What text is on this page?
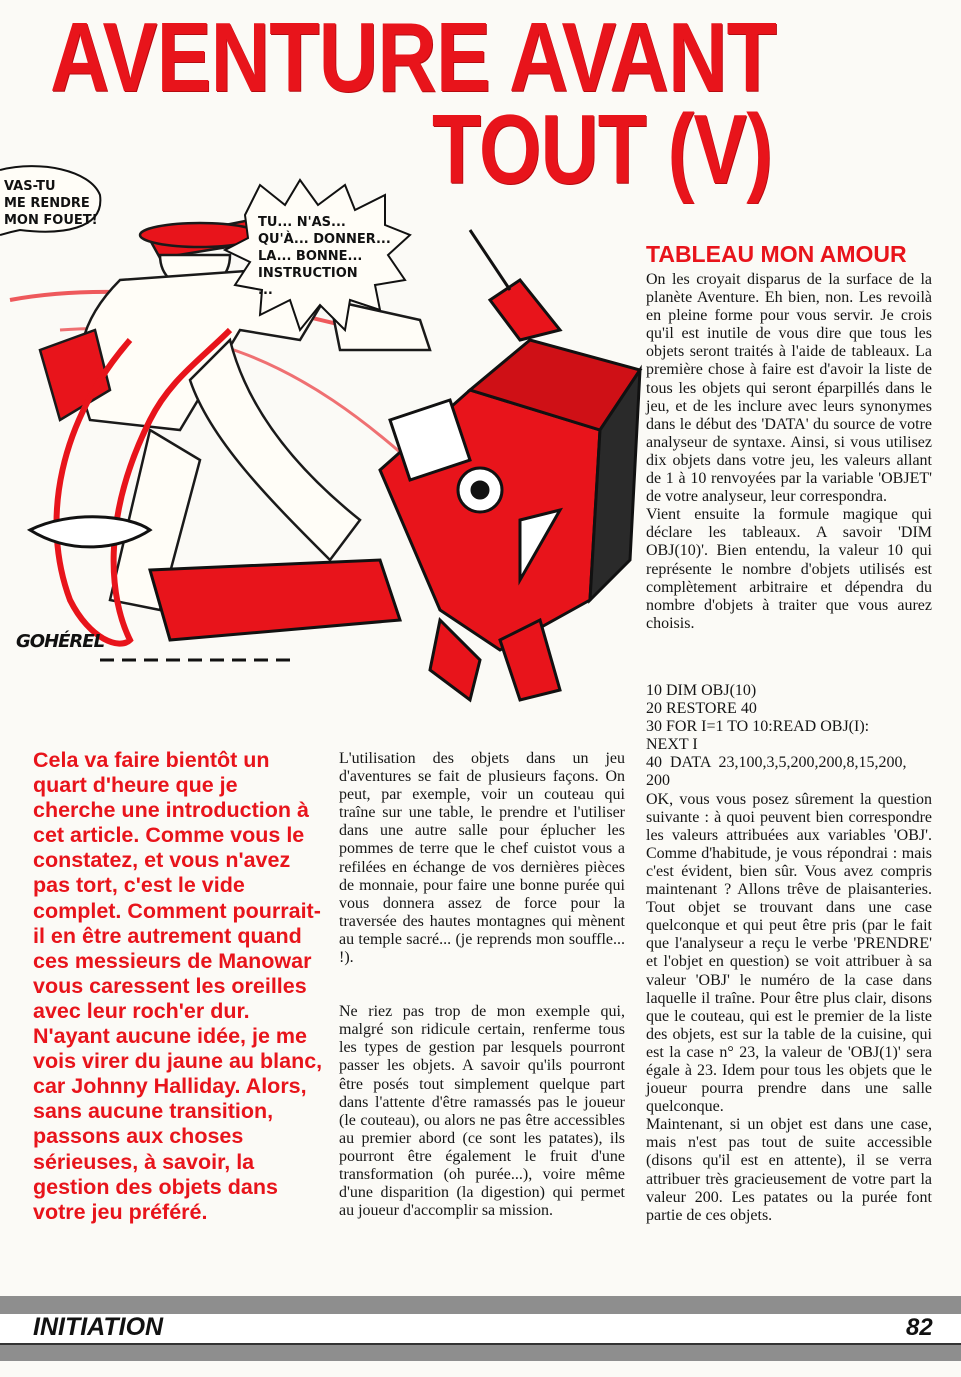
AVENTURE AVANT
TOUT (V)
VAS-TU
ME RENDRE
MON FOUET!	TU... N'AS...
QU'À... DONNER...
LA... BONNE...
INSTRUCTION
...
GOHÉREL
TABLEAU MON AMOUR

On les croyait disparus de la surface de la planète Aventure. Eh bien, non. Les revoilà en pleine forme pour vous servir. Je crois qu'il est inutile de vous dire que tous les objets seront traités à l'aide de tableaux. La première chose à faire est d'avoir la liste de tous les objets qui seront éparpillés dans le jeu, et de les inclure avec leurs synonymes dans le début des 'DATA' du source de votre analyseur de syntaxe. Ainsi, si vous utilisez dix objets dans votre jeu, les valeurs allant de 1 à 10 renvoyées par la variable 'OBJET' de votre analyseur, leur correspondra.

Vient ensuite la formule magique qui déclare les tableaux. A savoir 'DIM OBJ(10)'. Bien entendu, la valeur 10 qui représente le nombre d'objets utilisés est complètement arbitraire et dépendra du nombre d'objets à traiter que vous aurez choisis.

10 DIM OBJ(10)
20 RESTORE 40
30 FOR I=1 TO 10:READ OBJ(I):
NEXT I
40  DATA  23,100,3,5,200,200,8,15,200,
200

OK, vous vous posez sûrement la question suivante : à quoi peuvent bien correspondre les valeurs attribuées aux variables 'OBJ'. Comme d'habitude, je vous répondrai : mais c'est évident, bien sûr. Vous avez compris maintenant ? Allons trêve de plaisanteries. Tout objet se trouvant dans une case quelconque et qui peut être pris (par le fait que l'analyseur a reçu le verbe 'PRENDRE' et l'objet en question) se voit attribuer à sa valeur 'OBJ' le numéro de la case dans laquelle il traîne. Pour être plus clair, disons que le couteau, qui est le premier de la liste des objets, est sur la table de la cuisine, qui est la case n° 23, la valeur de 'OBJ(1)' sera égale à 23. Idem pour tous les objets que le joueur pourra prendre dans une salle quelconque.

Maintenant, si un objet est dans une case, mais n'est pas tout de suite accessible (disons qu'il est en attente), il se verra attribuer très gracieusement de votre part la valeur 200. Les patates ou la purée font partie de ces objets.

Cela va faire bientôt un quart d'heure que je cherche une introduction à cet article. Comme vous le constatez, et vous n'avez pas tort, c'est le vide complet. Comment pourrait-il en être autrement quand ces messieurs de Manowar vous caressent les oreilles avec leur roch'er dur. N'ayant aucune idée, je me vois virer du jaune au blanc, car Johnny Halliday. Alors, sans aucune transition, passons aux choses sérieuses, à savoir, la gestion des objets dans votre jeu préféré.

L'utilisation des objets dans un jeu d'aventures se fait de plusieurs façons. On peut, par exemple, voir un couteau qui traîne sur une table, le prendre et l'utiliser dans une autre salle pour éplucher les pommes de terre que le chef cuistot vous a refilées en échange de vos dernières pièces de monnaie, pour faire une bonne purée qui vous donnera assez de force pour la traversée des hautes montagnes qui mènent au temple sacré... (je reprends mon souffle... !).

Ne riez pas trop de mon exemple qui, malgré son ridicule certain, renferme tous les types de gestion par lesquels pourront passer les objets. A savoir qu'ils pourront être posés tout simplement quelque part dans l'attente d'être ramassés pas le joueur (le couteau), ou alors ne pas être accessibles au premier abord (ce sont les patates), ils pourront être également le fruit d'une transformation (oh purée...), voire même d'une disparition (la digestion) qui permet au joueur d'accomplir sa mission.

INITIATION	82
